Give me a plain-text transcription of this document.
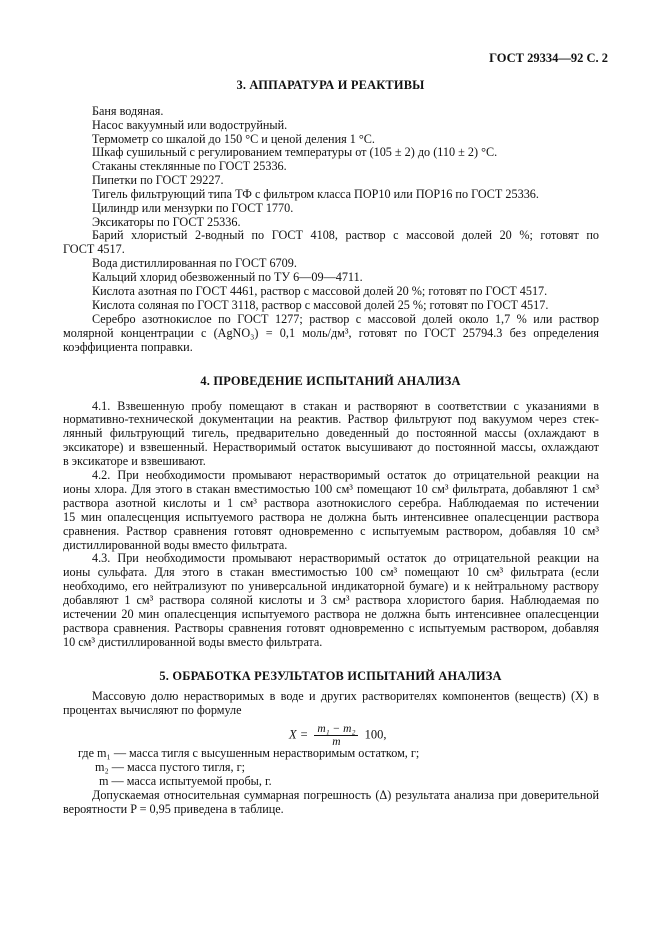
ГОСТ 29334—92 С. 2
3. АППАРАТУРА И РЕАКТИВЫ
Баня водяная.
Насос вакуумный или водоструйный.
Термометр со шкалой до 150 °С и ценой деления 1 °С.
Шкаф сушильный с регулированием температуры от (105 ± 2) до (110 ± 2) °С.
Стаканы стеклянные по ГОСТ 25336.
Пипетки по ГОСТ 29227.
Тигель фильтрующий типа ТФ с фильтром класса ПОР10 или ПОР16 по ГОСТ 25336.
Цилиндр или мензурки по ГОСТ 1770.
Эксикаторы по ГОСТ 25336.
Барий хлористый 2-водный по ГОСТ 4108, раствор с массовой долей 20 %; готовят по
ГОСТ 4517.
Вода дистиллированная по ГОСТ 6709.
Кальций хлорид обезвоженный по ТУ 6—09—4711.
Кислота азотная по ГОСТ 4461, раствор с массовой долей 20 %; готовят по ГОСТ 4517.
Кислота соляная по ГОСТ 3118, раствор с массовой долей 25 %; готовят по ГОСТ 4517.
Серебро азотнокислое по ГОСТ 1277; раствор с массовой долей около 1,7 % или раствор
молярной концентрации с (AgNO₃) = 0,1 моль/дм³, готовят по ГОСТ 25794.3 без определения
коэффициента поправки.
4. ПРОВЕДЕНИЕ ИСПЫТАНИЙ АНАЛИЗА
4.1. Взвешенную пробу помещают в стакан и растворяют в соответствии с указаниями в
нормативно-технической документации на реактив. Раствор фильтруют под вакуумом через стек-
лянный фильтрующий тигель, предварительно доведенный до постоянной массы (охлаждают в
эксикаторе) и взвешенный. Нерастворимый остаток высушивают до постоянной массы, охлаждают
в эксикаторе и взвешивают.
4.2. При необходимости промывают нерастворимый остаток до отрицательной реакции на
ионы хлора. Для этого в стакан вместимостью 100 см³ помещают 10 см³ фильтрата, добавляют 1 см³
раствора азотной кислоты и 1 см³ раствора азотнокислого серебра. Наблюдаемая по истечении
15 мин опалесценция испытуемого раствора не должна быть интенсивнее опалесценции раствора
сравнения. Раствор сравнения готовят одновременно с испытуемым раствором, добавляя 10 см³
дистиллированной воды вместо фильтрата.
4.3. При необходимости промывают нерастворимый остаток до отрицательной реакции на
ионы сульфата. Для этого в стакан вместимостью 100 см³ помещают 10 см³ фильтрата (если
необходимо, его нейтрализуют по универсальной индикаторной бумаге) и к нейтральному раствору
добавляют 1 см³ раствора соляной кислоты и 3 см³ раствора хлористого бария. Наблюдаемая по
истечении 20 мин опалесценция испытуемого раствора не должна быть интенсивнее опалесценции
раствора сравнения. Растворы сравнения готовят одновременно с испытуемым раствором, добавляя
10 см³ дистиллированной воды вместо фильтрата.
5. ОБРАБОТКА РЕЗУЛЬТАТОВ ИСПЫТАНИЙ АНАЛИЗА
Массовую долю нерастворимых в воде и других растворителях компонентов (веществ) (X) в
процентах вычисляют по формуле
$X = \frac{\text{m₁ − m₂}}{m} 100$,
где m₁ — масса тигля с высушенным нерастворимым остатком, г;
m₂ — масса пустого тигля, г;
m — масса испытуемой пробы, г.
Допускаемая относительная суммарная погрешность (Δ) результата анализа при доверительной
вероятности P = 0,95 приведена в таблице.
